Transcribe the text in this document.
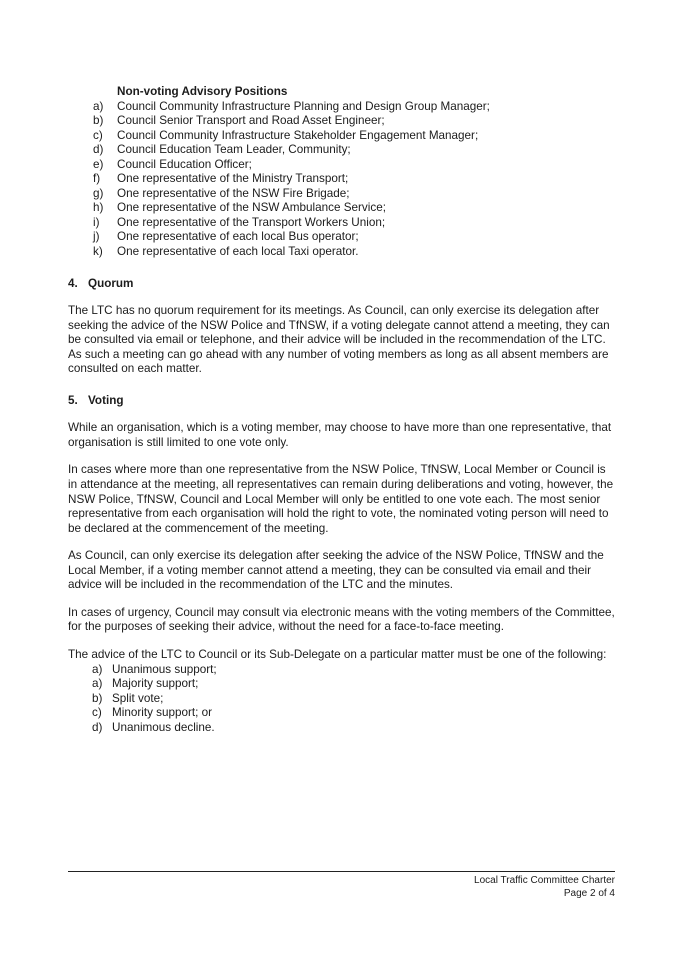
Non-voting Advisory Positions
a)	Council Community Infrastructure Planning and Design Group Manager;
b)	Council Senior Transport and Road Asset Engineer;
c)	Council Community Infrastructure Stakeholder Engagement Manager;
d)	Council Education Team Leader, Community;
e)	Council Education Officer;
f)	One representative of the Ministry Transport;
g)	One representative of the NSW Fire Brigade;
h)	One representative of the NSW Ambulance Service;
i)	One representative of the Transport Workers Union;
j)	One representative of each local Bus operator;
k)	One representative of each local Taxi operator.
4. Quorum

The LTC has no quorum requirement for its meetings. As Council, can only exercise its delegation after seeking the advice of the NSW Police and TfNSW, if a voting delegate cannot attend a meeting, they can be consulted via email or telephone, and their advice will be included in the recommendation of the LTC. As such a meeting can go ahead with any number of voting members as long as all absent members are consulted on each matter.

5. Voting

While an organisation, which is a voting member, may choose to have more than one representative, that organisation is still limited to one vote only.

In cases where more than one representative from the NSW Police, TfNSW, Local Member or Council is in attendance at the meeting, all representatives can remain during deliberations and voting, however, the NSW Police, TfNSW, Council and Local Member will only be entitled to one vote each. The most senior representative from each organisation will hold the right to vote, the nominated voting person will need to be declared at the commencement of the meeting.

As Council, can only exercise its delegation after seeking the advice of the NSW Police, TfNSW and the Local Member, if a voting member cannot attend a meeting, they can be consulted via email and their advice will be included in the recommendation of the LTC and the minutes.

In cases of urgency, Council may consult via electronic means with the voting members of the Committee, for the purposes of seeking their advice, without the need for a face-to-face meeting.

The advice of the LTC to Council or its Sub-Delegate on a particular matter must be one of the following:

a) Unanimous support;
a) Majority support;
b) Split vote;
c) Minority support; or
d) Unanimous decline.
Local Traffic Committee Charter
Page 2 of 4
